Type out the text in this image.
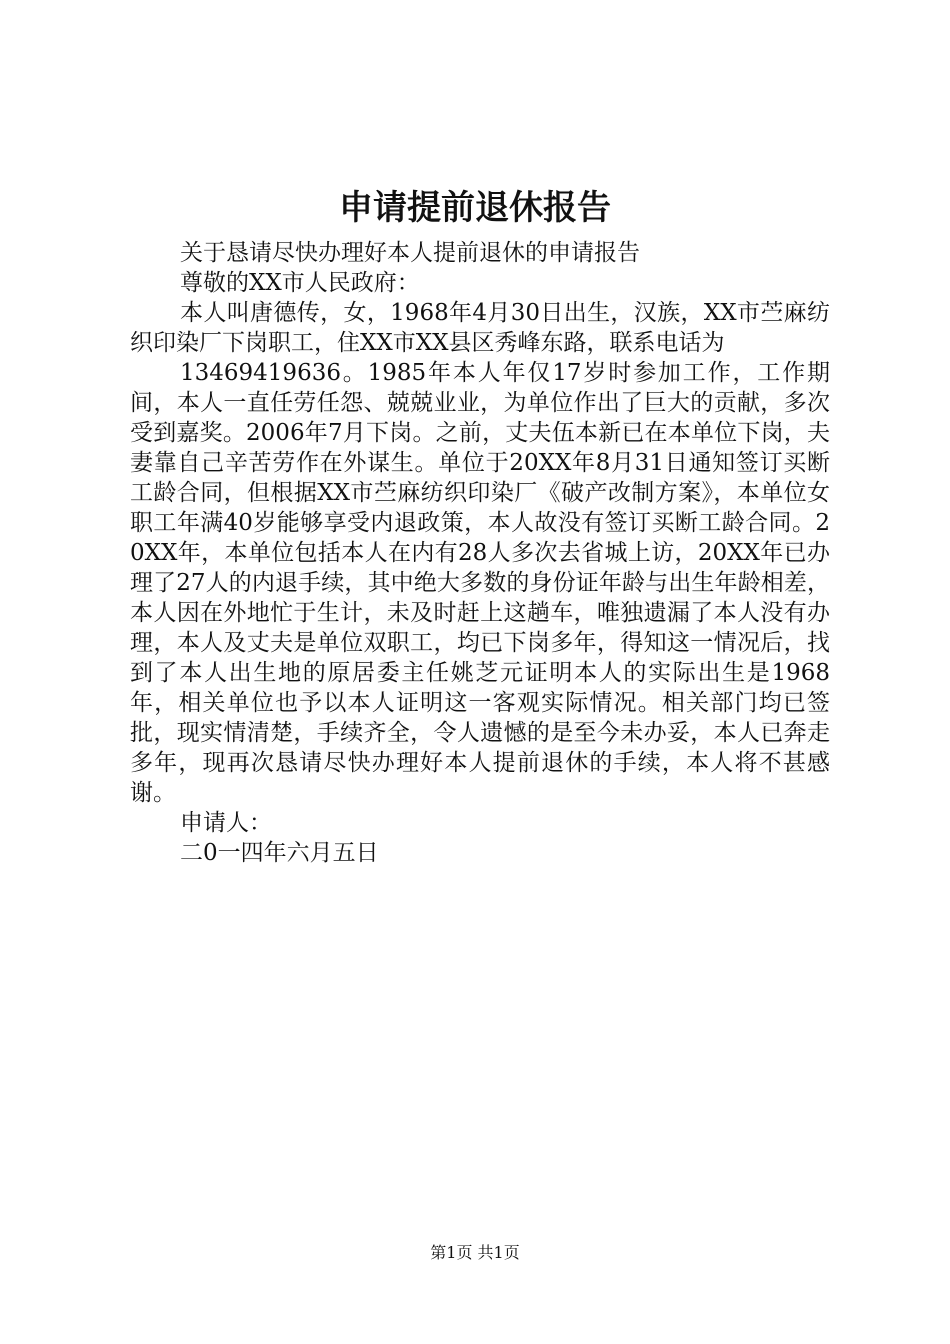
申请提前退休报告

关于恳请尽快办理好本人提前退休的申请报告

尊敬的XX市人民政府：

本人叫唐德传，女，1968年4月30日出生，汉族，XX市苎麻纺织印染厂下岗职工，住XX市XX县区秀峰东路，联系电话为

13469419636。1985年本人年仅17岁时参加工作，工作期间，本人一直任劳任怨、兢兢业业，为单位作出了巨大的贡献，多次受到嘉奖。2006年7月下岗。之前，丈夫伍本新已在本单位下岗，夫妻靠自己辛苦劳作在外谋生。单位于20XX年8月31日通知签订买断工龄合同，但根据XX市苎麻纺织印染厂《破产改制方案》，本单位女职工年满40岁能够享受内退政策，本人故没有签订买断工龄合同。20XX年，本单位包括本人在内有28人多次去省城上访，20XX年已办理了27人的内退手续，其中绝大多数的身份证年龄与出生年龄相差，本人因在外地忙于生计，未及时赶上这趟车，唯独遗漏了本人没有办理，本人及丈夫是单位双职工，均已下岗多年，得知这一情况后，找到了本人出生地的原居委主任姚芝元证明本人的实际出生是1968年，相关单位也予以本人证明这一客观实际情况。相关部门均已签批，现实情清楚，手续齐全，令人遗憾的是至今未办妥，本人已奔走多年，现再次恳请尽快办理好本人提前退休的手续，本人将不甚感谢。

申请人：

二0一四年六月五日

第1页 共1页
